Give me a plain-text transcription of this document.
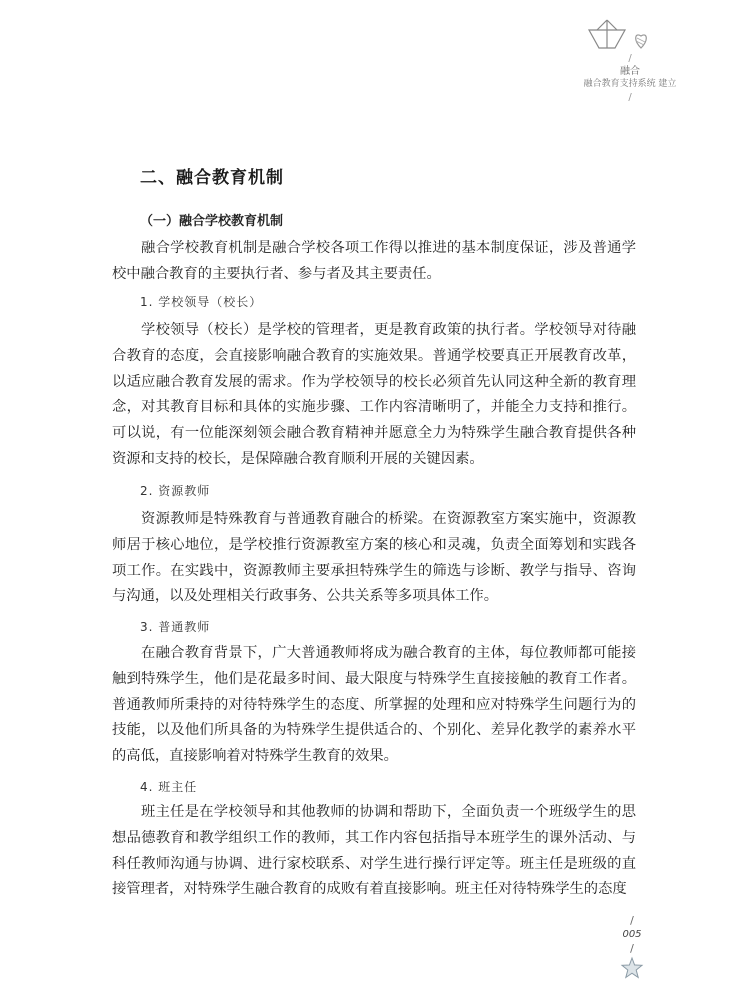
/
融合
融合教育支持系统 建立
/
二、融合教育机制
（一）融合学校教育机制

融合学校教育机制是融合学校各项工作得以推进的基本制度保证，涉及普通学校中融合教育的主要执行者、参与者及其主要责任。

1. 学校领导（校长）

学校领导（校长）是学校的管理者，更是教育政策的执行者。学校领导对待融合教育的态度，会直接影响融合教育的实施效果。普通学校要真正开展教育改革，以适应融合教育发展的需求。作为学校领导的校长必须首先认同这种全新的教育理念，对其教育目标和具体的实施步骤、工作内容清晰明了，并能全力支持和推行。可以说，有一位能深刻领会融合教育精神并愿意全力为特殊学生融合教育提供各种资源和支持的校长，是保障融合教育顺利开展的关键因素。

2. 资源教师

资源教师是特殊教育与普通教育融合的桥梁。在资源教室方案实施中，资源教师居于核心地位，是学校推行资源教室方案的核心和灵魂，负责全面筹划和实践各项工作。在实践中，资源教师主要承担特殊学生的筛选与诊断、教学与指导、咨询与沟通，以及处理相关行政事务、公共关系等多项具体工作。

3. 普通教师

在融合教育背景下，广大普通教师将成为融合教育的主体，每位教师都可能接触到特殊学生，他们是花最多时间、最大限度与特殊学生直接接触的教育工作者。普通教师所秉持的对待特殊学生的态度、所掌握的处理和应对特殊学生问题行为的技能，以及他们所具备的为特殊学生提供适合的、个别化、差异化教学的素养水平的高低，直接影响着对特殊学生教育的效果。

4. 班主任

班主任是在学校领导和其他教师的协调和帮助下，全面负责一个班级学生的思想品德教育和教学组织工作的教师，其工作内容包括指导本班学生的课外活动、与科任教师沟通与协调、进行家校联系、对学生进行操行评定等。班主任是班级的直接管理者，对特殊学生融合教育的成败有着直接影响。班主任对待特殊学生的态度

/
005
/
